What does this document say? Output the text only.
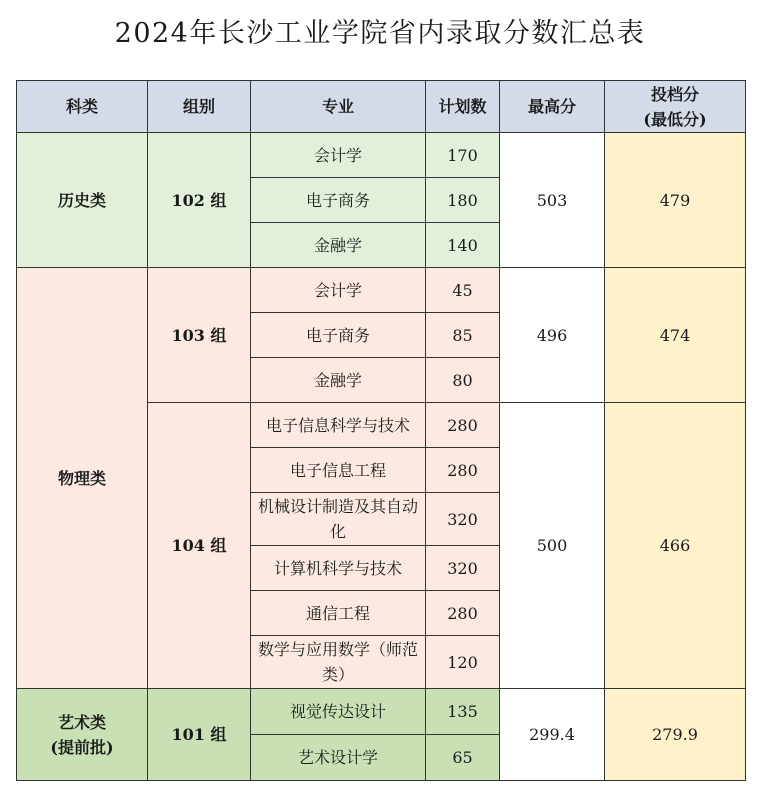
2024年长沙工业学院省内录取分数汇总表
科类	组别	专业	计划数	最高分	投档分
(最低分)

历史类	102 组	会计学	170	503	479
		电子商务	180		
		金融学	140		
物理类	103 组	会计学	45	496	474
		电子商务	85		
		金融学	80		
	104 组	电子信息科学与技术	280	500	466
		电子信息工程	280		
		机械设计制造及其自动化	320		
		计算机科学与技术	320		
		通信工程	280		
		数学与应用数学（师范类）	120		

艺术类
(提前批)	101 组	视觉传达设计	135	299.4	279.9
		艺术设计学	65		
